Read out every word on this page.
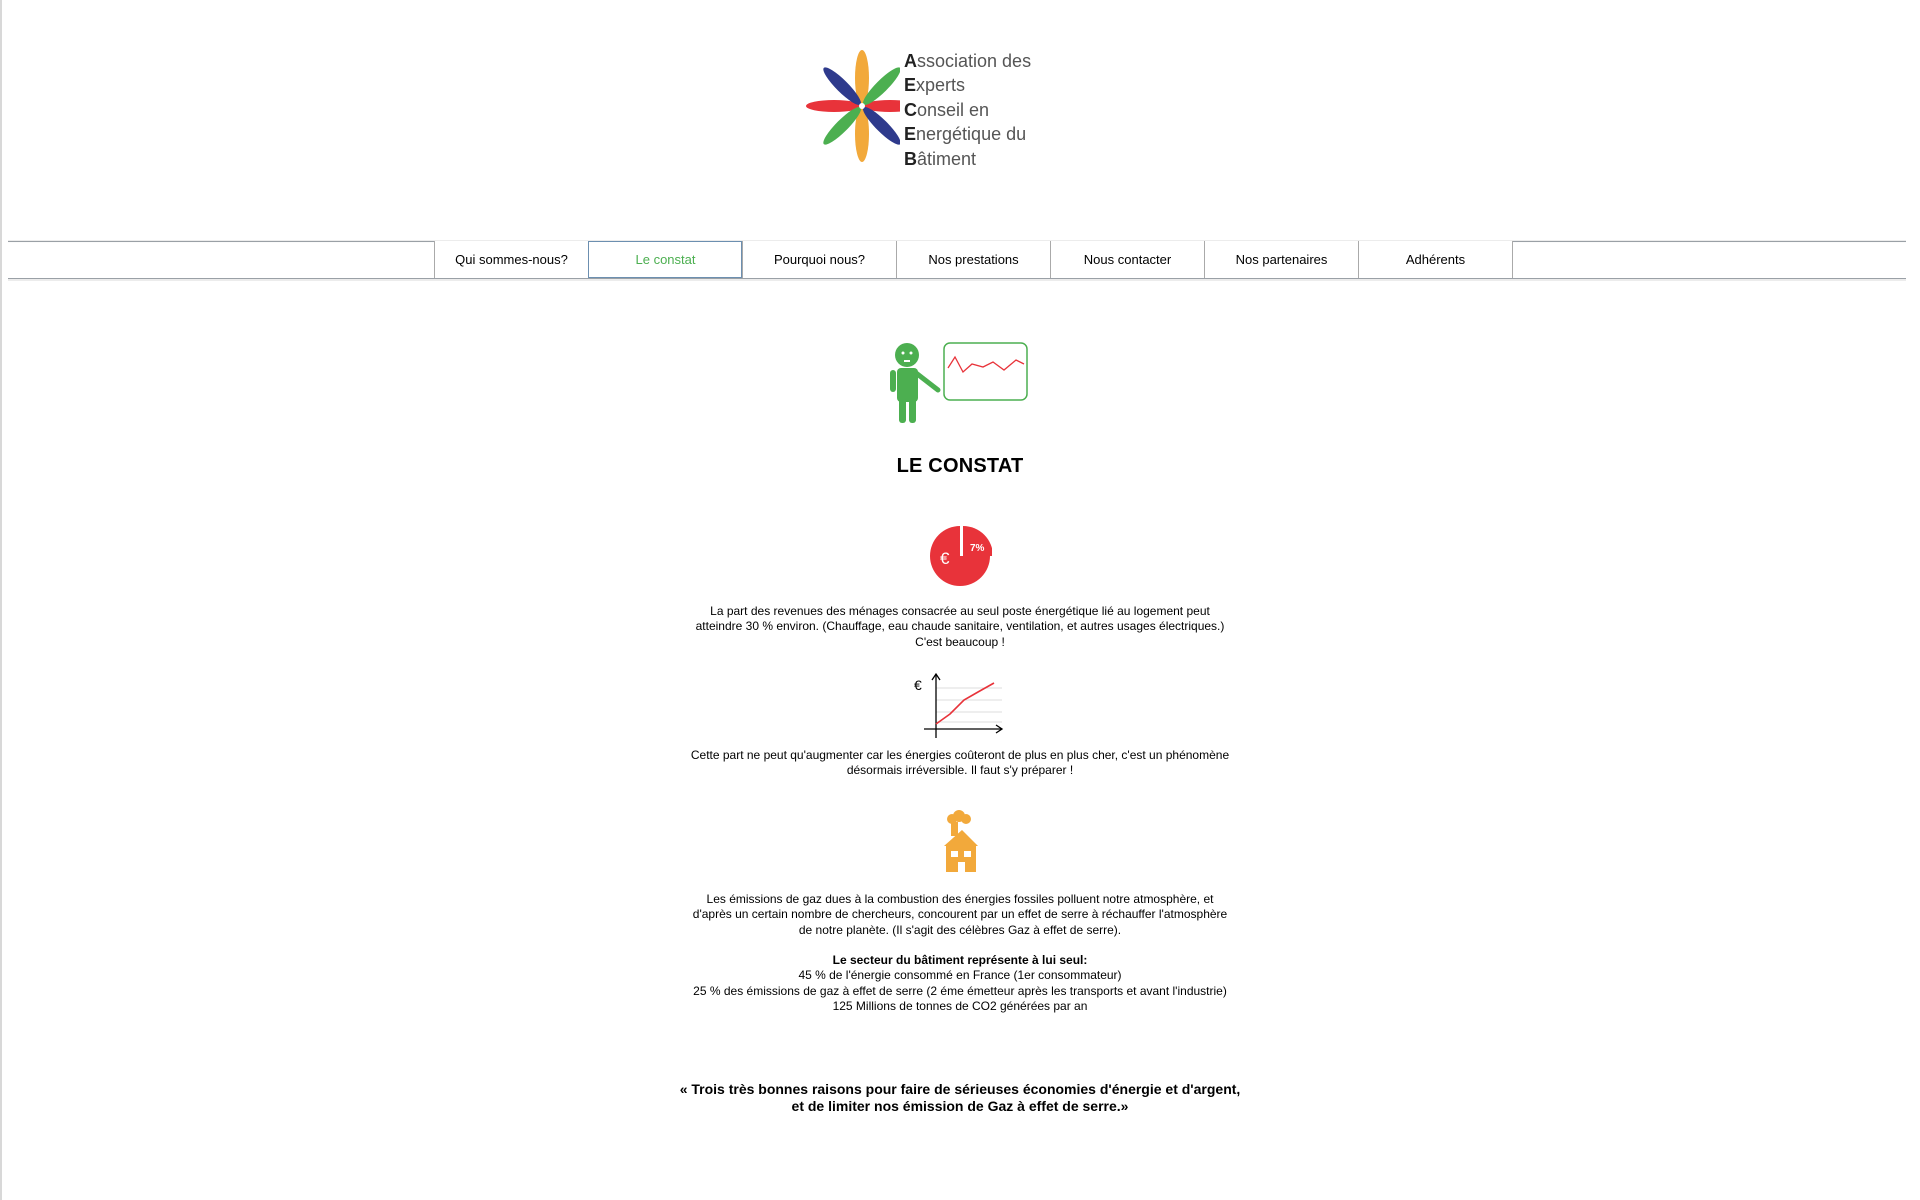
Association des
Experts
Conseil en
Energétique du
Bâtiment
Qui sommes-nous?	Le constat	Pourquoi nous?	Nos prestations	Nous contacter	Nos partenaires	Adhérents
LE CONSTAT
€
7%
La part des revenues des ménages consacrée au seul poste énergétique lié au logement peut
atteindre 30 % environ. (Chauffage, eau chaude sanitaire, ventilation, et autres usages électriques.)
C'est beaucoup !
€
Cette part ne peut qu'augmenter car les énergies coûteront de plus en plus cher, c'est un phénomène
désormais irréversible. Il faut s'y préparer !
Les émissions de gaz dues à la combustion des énergies fossiles polluent notre atmosphère, et
d'après un certain nombre de chercheurs, concourent par un effet de serre à réchauffer l'atmosphère
de notre planète. (Il s'agit des célèbres Gaz à effet de serre).
Le secteur du bâtiment représente à lui seul:
45 % de l'énergie consommé en France (1er consommateur)
25 % des émissions de gaz à effet de serre (2 éme émetteur après les transports et avant l'industrie)
125 Millions de tonnes de CO2 générées par an
« Trois très bonnes raisons pour faire de sérieuses économies d'énergie et d'argent,
et de limiter nos émission de Gaz à effet de serre.»
